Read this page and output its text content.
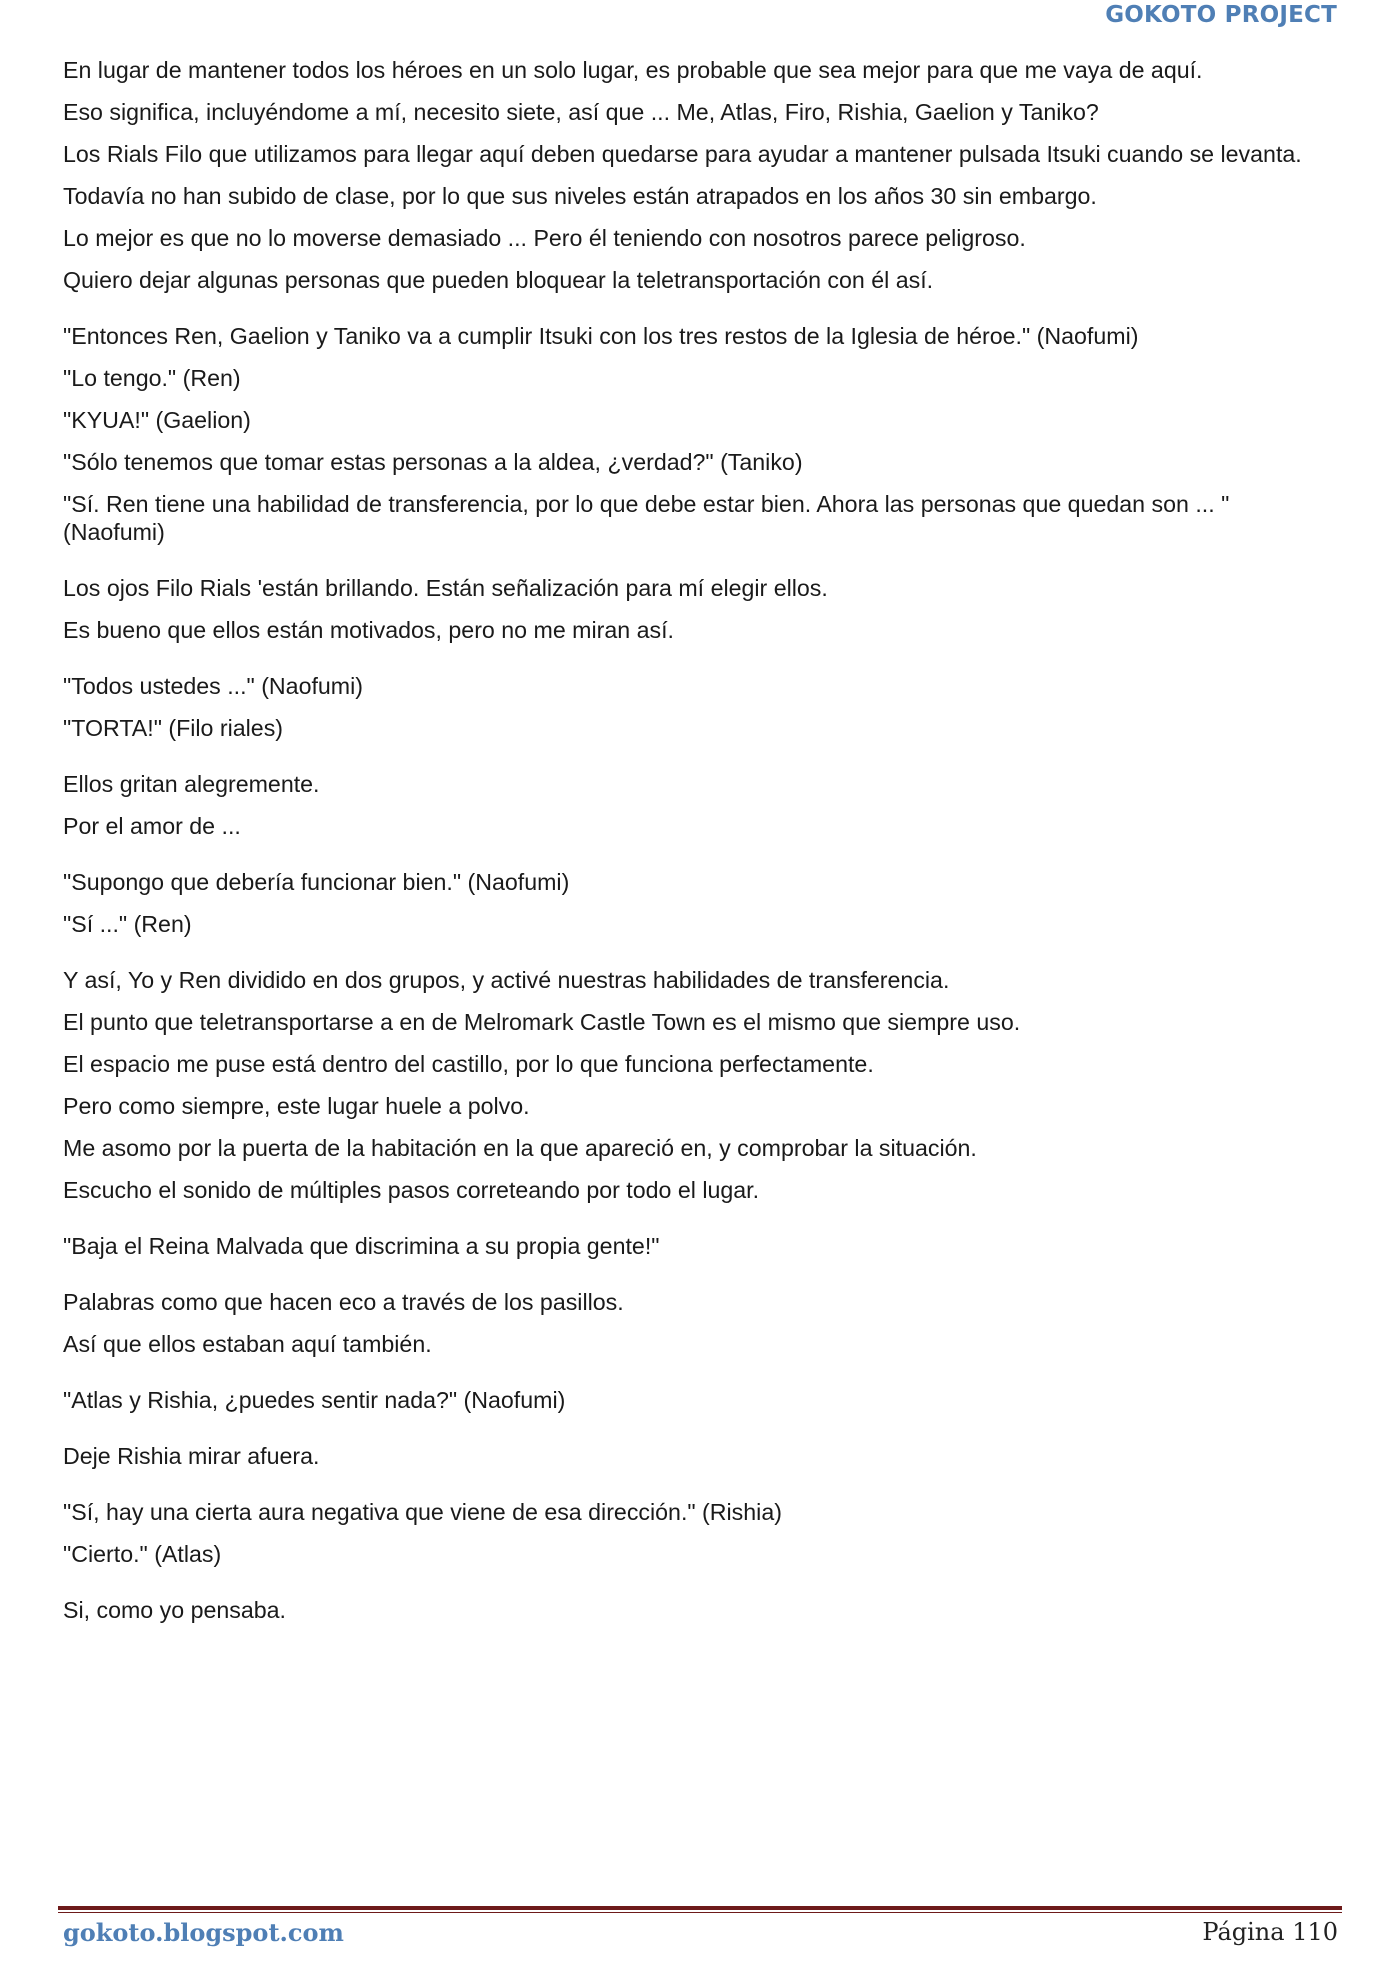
GOKOTO PROJECT

En lugar de mantener todos los héroes en un solo lugar, es probable que sea mejor para que me vaya de aquí.

Eso significa, incluyéndome a mí, necesito siete, así que ... Me, Atlas, Firo, Rishia, Gaelion y Taniko?

Los Rials Filo que utilizamos para llegar aquí deben quedarse para ayudar a mantener pulsada Itsuki cuando se levanta.

Todavía no han subido de clase, por lo que sus niveles están atrapados en los años 30 sin embargo.

Lo mejor es que no lo moverse demasiado ... Pero él teniendo con nosotros parece peligroso.

Quiero dejar algunas personas que pueden bloquear la teletransportación con él así.

"Entonces Ren, Gaelion y Taniko va a cumplir Itsuki con los tres restos de la Iglesia de héroe." (Naofumi)

"Lo tengo." (Ren)

"KYUA!" (Gaelion)

"Sólo tenemos que tomar estas personas a la aldea, ¿verdad?" (Taniko)

"Sí. Ren tiene una habilidad de transferencia, por lo que debe estar bien. Ahora las personas que quedan son ... "(Naofumi)

Los ojos Filo Rials 'están brillando. Están señalización para mí elegir ellos.

Es bueno que ellos están motivados, pero no me miran así.

"Todos ustedes ..." (Naofumi)

"TORTA!" (Filo riales)

Ellos gritan alegremente.

Por el amor de ...

"Supongo que debería funcionar bien." (Naofumi)

"Sí ..." (Ren)

Y así, Yo y Ren dividido en dos grupos, y activé nuestras habilidades de transferencia.

El punto que teletransportarse a en de Melromark Castle Town es el mismo que siempre uso.

El espacio me puse está dentro del castillo, por lo que funciona perfectamente.

Pero como siempre, este lugar huele a polvo.

Me asomo por la puerta de la habitación en la que apareció en, y comprobar la situación.

Escucho el sonido de múltiples pasos correteando por todo el lugar.

"Baja el Reina Malvada que discrimina a su propia gente!"

Palabras como que hacen eco a través de los pasillos.

Así que ellos estaban aquí también.

"Atlas y Rishia, ¿puedes sentir nada?" (Naofumi)

Deje Rishia mirar afuera.

"Sí, hay una cierta aura negativa que viene de esa dirección." (Rishia)

"Cierto." (Atlas)

Si, como yo pensaba.

gokoto.blogspot.com	Página 110
